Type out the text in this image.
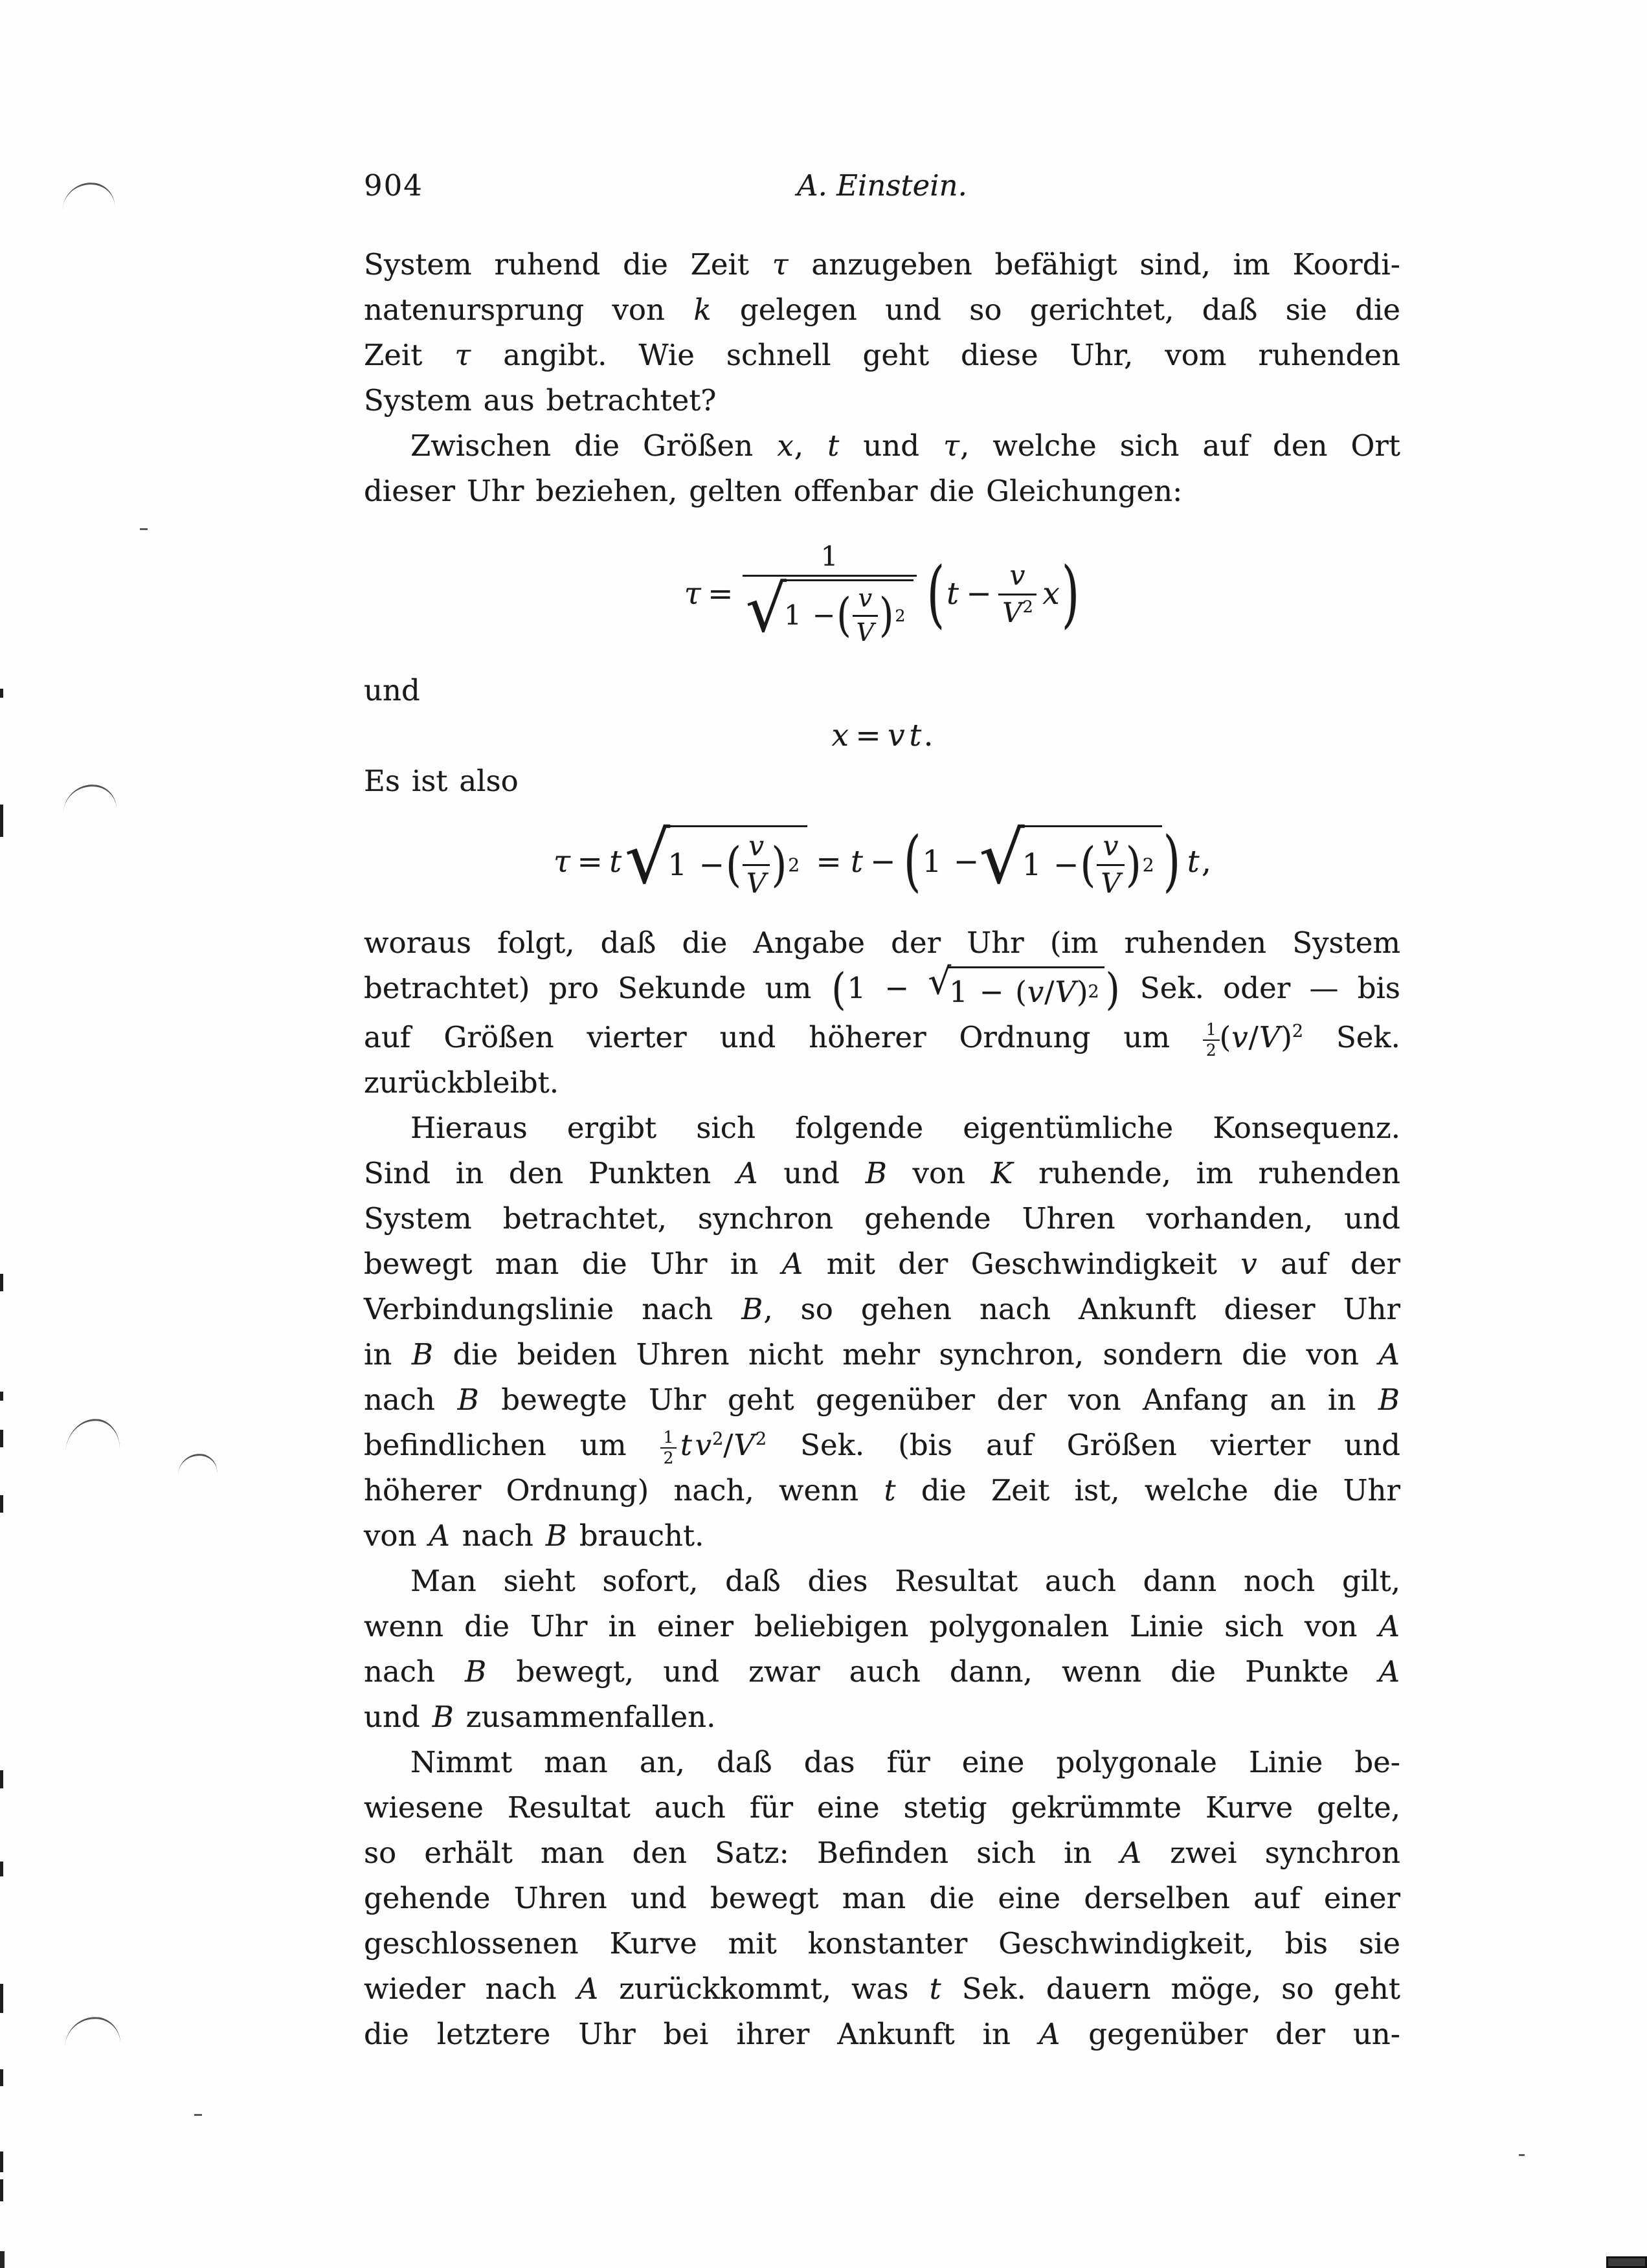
904	A. Einstein.
System ruhend die Zeit τ anzugeben befähigt sind, im Koordi-
natenursprung von k gelegen und so gerichtet, daß sie die
Zeit τ angibt. Wie schnell geht diese Uhr, vom ruhenden
System aus betrachtet?
Zwischen die Größen x, t und τ, welche sich auf den Ort
dieser Uhr beziehen, gelten offenbar die Gleichungen:
τ = 1
√
1 − ( $\frac{v}{V}$ ) 2 ( $t - \frac{v}{V^2}$ x )
und
x = v t .
Es ist also
τ = t √
1 − ( $\frac{v}{V}$ ) 2 = t − ( 1 − √
1 − ( $\frac{v}{V}$ ) 2 ) t ,
woraus folgt, daß die Angabe der Uhr (im ruhenden System
betrachtet) pro Sekunde um (1 − √
1 − ( v / V ) 2 ) Sek. oder — bis
auf Größen vierter und höherer Ordnung um $\frac{1}{2} (v/V)^2$ Sek.
zurückbleibt.
Hieraus ergibt sich folgende eigentümliche Konsequenz.
Sind in den Punkten A und B von K ruhende, im ruhenden
System betrachtet, synchron gehende Uhren vorhanden, und
bewegt man die Uhr in A mit der Geschwindigkeit v auf der
Verbindungslinie nach B, so gehen nach Ankunft dieser Uhr
in B die beiden Uhren nicht mehr synchron, sondern die von A
nach B bewegte Uhr geht gegenüber der von Anfang an in B
befindlichen um $\frac{1}{2}$ t $v^2/V^2$ Sek. (bis auf Größen vierter und
höherer Ordnung) nach, wenn t die Zeit ist, welche die Uhr
von A nach B braucht.
Man sieht sofort, daß dies Resultat auch dann noch gilt,
wenn die Uhr in einer beliebigen polygonalen Linie sich von A
nach B bewegt, und zwar auch dann, wenn die Punkte A
und B zusammenfallen.
Nimmt man an, daß das für eine polygonale Linie be-
wiesene Resultat auch für eine stetig gekrümmte Kurve gelte,
so erhält man den Satz: Befinden sich in A zwei synchron
gehende Uhren und bewegt man die eine derselben auf einer
geschlossenen Kurve mit konstanter Geschwindigkeit, bis sie
wieder nach A zurückkommt, was t Sek. dauern möge, so geht
die letztere Uhr bei ihrer Ankunft in A gegenüber der un-
